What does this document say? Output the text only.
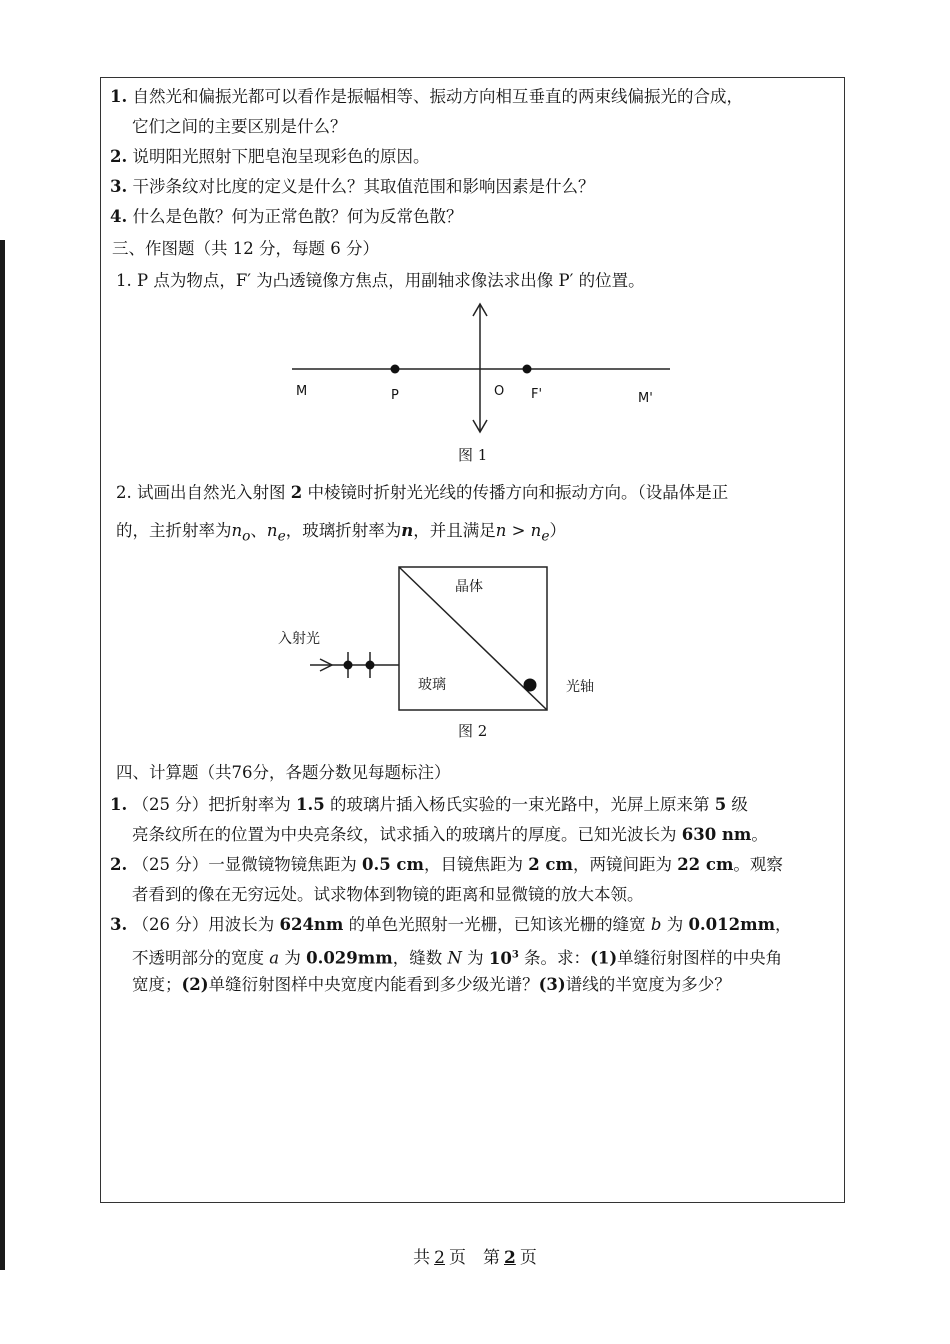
1. 自然光和偏振光都可以看作是振幅相等、振动方向相互垂直的两束线偏振光的合成，
它们之间的主要区别是什么？
2. 说明阳光照射下肥皂泡呈现彩色的原因。
3. 干涉条纹对比度的定义是什么？其取值范围和影响因素是什么？
4. 什么是色散？何为正常色散？何为反常色散？
三、作图题（共 12 分，每题 6 分）
1. P 点为物点，F′ 为凸透镜像方焦点，用副轴求像法求出像 P′ 的位置。
M	P	O F'	M'
图 1
2. 试画出自然光入射图 2 中棱镜时折射光光线的传播方向和振动方向。（设晶体是正
的，主折射率为$n_o$、$n_e$，玻璃折射率为n，并且满足$n > n_e$）
晶体
玻璃
入射光
光轴
图 2
四、计算题（共76分，各题分数见每题标注）
1. （25 分）把折射率为 1.5 的玻璃片插入杨氏实验的一束光路中，光屏上原来第 5 级
亮条纹所在的位置为中央亮条纹，试求插入的玻璃片的厚度。已知光波长为 630 nm。
2. （25 分）一显微镜物镜焦距为 0.5 cm，目镜焦距为 2 cm，两镜间距为 22 cm。观察
者看到的像在无穷远处。试求物体到物镜的距离和显微镜的放大本领。
3. （26 分）用波长为 624nm 的单色光照射一光栅，已知该光栅的缝宽 b 为 0.012mm，
不透明部分的宽度 a 为 0.029mm，缝数 N 为 $10^3$ 条。求：(1)单缝衍射图样的中央角
宽度；(2)单缝衍射图样中央宽度内能看到多少级光谱？(3)谱线的半宽度为多少？
共 2 页　第 2 页
